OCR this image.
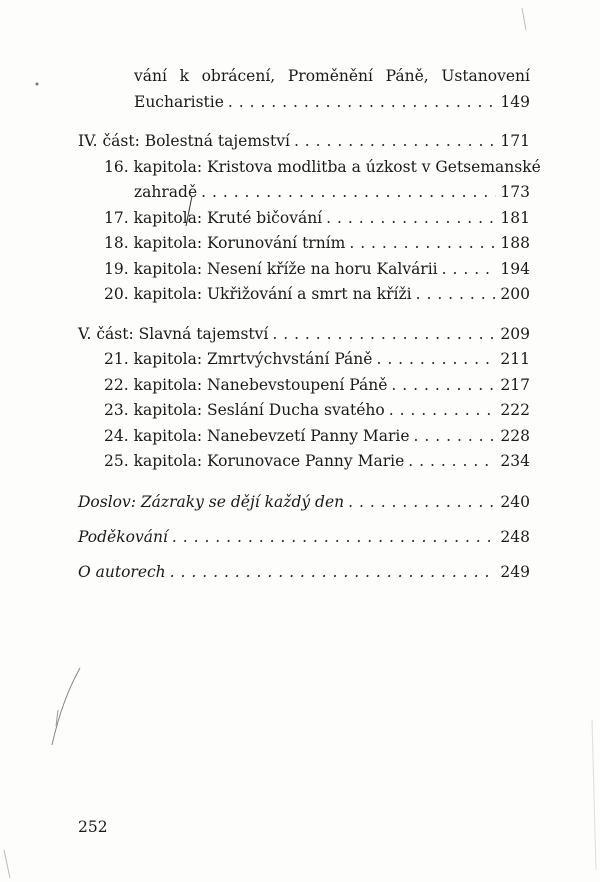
vání k obrácení, Proměnění Páně, Ustanovení
Eucharistie . . .	149
IV. část: Bolestná tajemství . . .	171
16. kapitola: Kristova modlitba a úzkost v Getsemanské
zahradě . . .	173
17. kapitola: Kruté bičování . . .	181
18. kapitola: Korunování trním . . .	188
19. kapitola: Nesení kříže na horu Kalvárii . . .	194
20. kapitola: Ukřižování a smrt na kříži . . .	200
V. část: Slavná tajemství . . .	209
21. kapitola: Zmrtvýchvstání Páně . . .	211
22. kapitola: Nanebevstoupení Páně . . .	217
23. kapitola: Seslání Ducha svatého . . .	222
24. kapitola: Nanebevzetí Panny Marie . . .	228
25. kapitola: Korunovace Panny Marie . . .	234
Doslov: Zázraky se dějí každý den . . .	240
Poděkování . . .	248
O autorech . . .	249
252
